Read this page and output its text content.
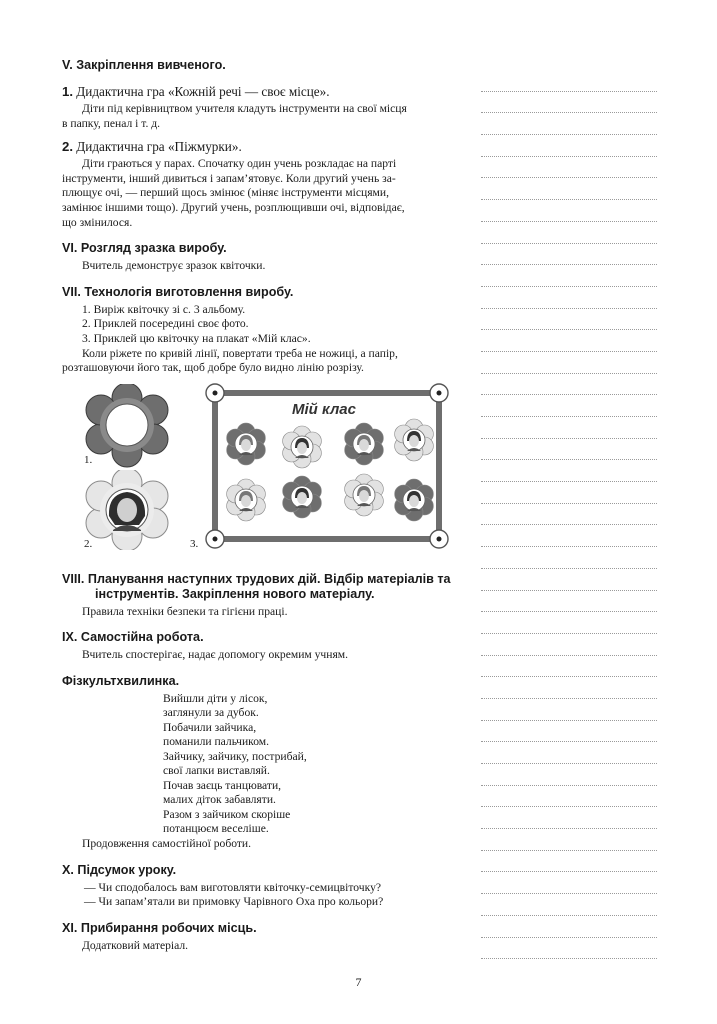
V. Закріплення вивченого.
1. Дидактична гра «Кожній речі — своє місце».
Діти під керівництвом учителя кладуть інструменти на свої місця
в папку, пенал і т. д.
2. Дидактична гра «Піжмурки».
Діти граються у парах. Спочатку один учень розкладає на парті
інструменти, інший дивиться і запам’ятовує. Коли другий учень за-
плющує очі, — перший щось змінює (міняє інструменти місцями,
замінює іншими тощо). Другий учень, розплющивши очі, відповідає,
що змінилося.
VI. Розгляд зразка виробу.
Вчитель демонструє зразок квіточки.
VII. Технологія виготовлення виробу.
1. Виріж квіточку зі с. 3 альбому.
2. Приклей посередині своє фото.
3. Приклей цю квіточку на плакат «Мій клас».
Коли ріжете по кривій лінії, повертати треба не ножиці, а папір,
розташовуючи його так, щоб добре було видно лінію розрізу.
1.
2.	3.
Мій клас
VIII. Планування наступних трудових дій. Відбір матеріалів та інструментів. Закріплення нового матеріалу.
Правила техніки безпеки та гігієни праці.
IX. Самостійна робота.
Вчитель спостерігає, надає допомогу окремим учням.
Фізкультхвилинка.
Вийшли діти у лісок,
заглянули за дубок.
Побачили зайчика,
поманили пальчиком.
Зайчику, зайчику, пострибай,
свої лапки виставляй.
Почав заєць танцювати,
малих діток забавляти.
Разом з зайчиком скоріше
потанцюєм веселіше.
Продовження самостійної роботи.
X. Підсумок уроку.
— Чи сподобалось вам виготовляти квіточку-семицвіточку?
— Чи запам’ятали ви примовку Чарівного Оха про кольори?
XI. Прибирання робочих місць.
Додатковий матеріал.
7
